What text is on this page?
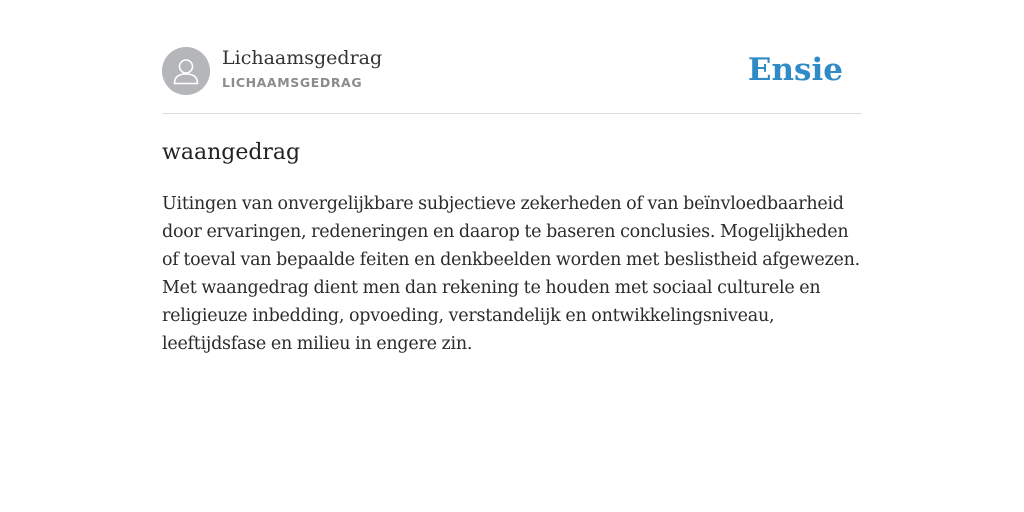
Lichaamsgedrag
LICHAAMSGEDRAG	Ensie
waangedrag

Uitingen van onvergelijkbare subjectieve zekerheden of van beïnvloedbaarheid door ervaringen, redeneringen en daarop te baseren conclusies. Mogelijkheden of toeval van bepaalde feiten en denkbeelden worden met beslistheid afgewezen. Met waangedrag dient men dan rekening te houden met sociaal culturele en religieuze inbedding, opvoeding, verstandelijk en ontwikkelingsniveau, leeftijdsfase en milieu in engere zin.
